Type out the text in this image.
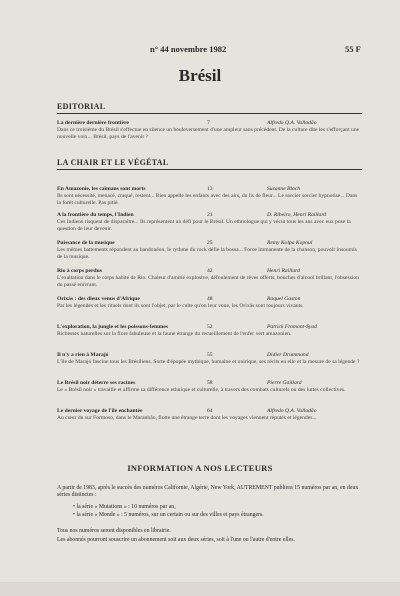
n° 44 novembre 1982	55 F
Brésil
EDITORIAL
La dernière dernière frontière	7	Alfredo Q.A. Valladão
Dans ce troisième du Brésil s'effectue en silence un bouleversement d'une ampleur sans précédent. De la culture dite les s'efforçant une nouvelle voix... Brésil, pays de l'avenir ?
LA CHAIR ET LE VÉGÉTAL
En Amazonie, les caïmans sont morts	13	Suzanne Bloch
Ils sont nécessité, menacé, craqué, restent... Bien appelle les enfants avec des airs, du lis de fleur... Le sorcier sorcier hypnotise... Dans la forêt culturelle. Pas pitié.
A la frontière du temps, l'Indien	21	D. Ribeiro, Henri Raillard
Ces Indiens risquent de disparaître... Ils représentent un défi pour le Brésil. Un ethnologue qui y vécut tous les ans avec eux pose la question de leur devenir.
Puissance de la musique	25	Remy Kolpa Kopoul
Les mêmes battements répondent au bandonéon, le rythme du rock défie la bossa... Force immanente de la chanson, pouvoir insoumis de la musique.
Rio à corps perdus	42	Henri Raillard
L'exaltation dans le corps habité de Rio. Chaleur d'amitié explosive, défoulement de rêves offerts, bouches d'alcool brillant, l'obsession du passé enivrant.
Orixás : des dieux venus d'Afrique	48	Raquel Gaston
Par les légendes et les rituels dont ils sont l'objet, par le culte qu'on leur voue, les Orixás sont toujours vivants.
L'exploration, la jungle et les poissons-femmes	52	Patrick Fromont-Syad
Richesses naturelles sur la flore fabuleuse et la faune étrange du recueillement de l'enfer vert amazonien.
Il n'y a rien à Marajó	55	Didier Drummond
L'île de Marajó fascine tous les Brésiliens. Sorte d'épopée mythique, humaine et onirique, ses récits en elle et la mesure de sa légende ?
Le Brésil noir déterre ses racines	58	Pierre Gaillard
Le « Brésil noir » travaille et affirme sa différence ethnique et culturelle, à travers des combats culturels ou des luttes collectives.
Le dernier voyage de l'île enchantée	64	Alfredo Q.A. Valladão
Au cœur du sur Formoso, dans le Maranhão, flotte une étrange terre dont les voyages viennent réputés et légendes...
INFORMATION A NOS LECTEURS
A partir de 1983, après le succès des numéros Californie, Algérie, New York, AUTREMENT publiera 15 numéros par an, en deux séries distinctes :
• la série « Mutations » : 10 numéros par an,
• la série « Monde » : 5 numéros, sur un certain ou sur des villes et pays étrangers.
Tous nos numéros seront disponibles en librairie.
Les abonnés pourront souscrire un abonnement soit aux deux séries, soit à l'une ou l'autre d'entre elles.
